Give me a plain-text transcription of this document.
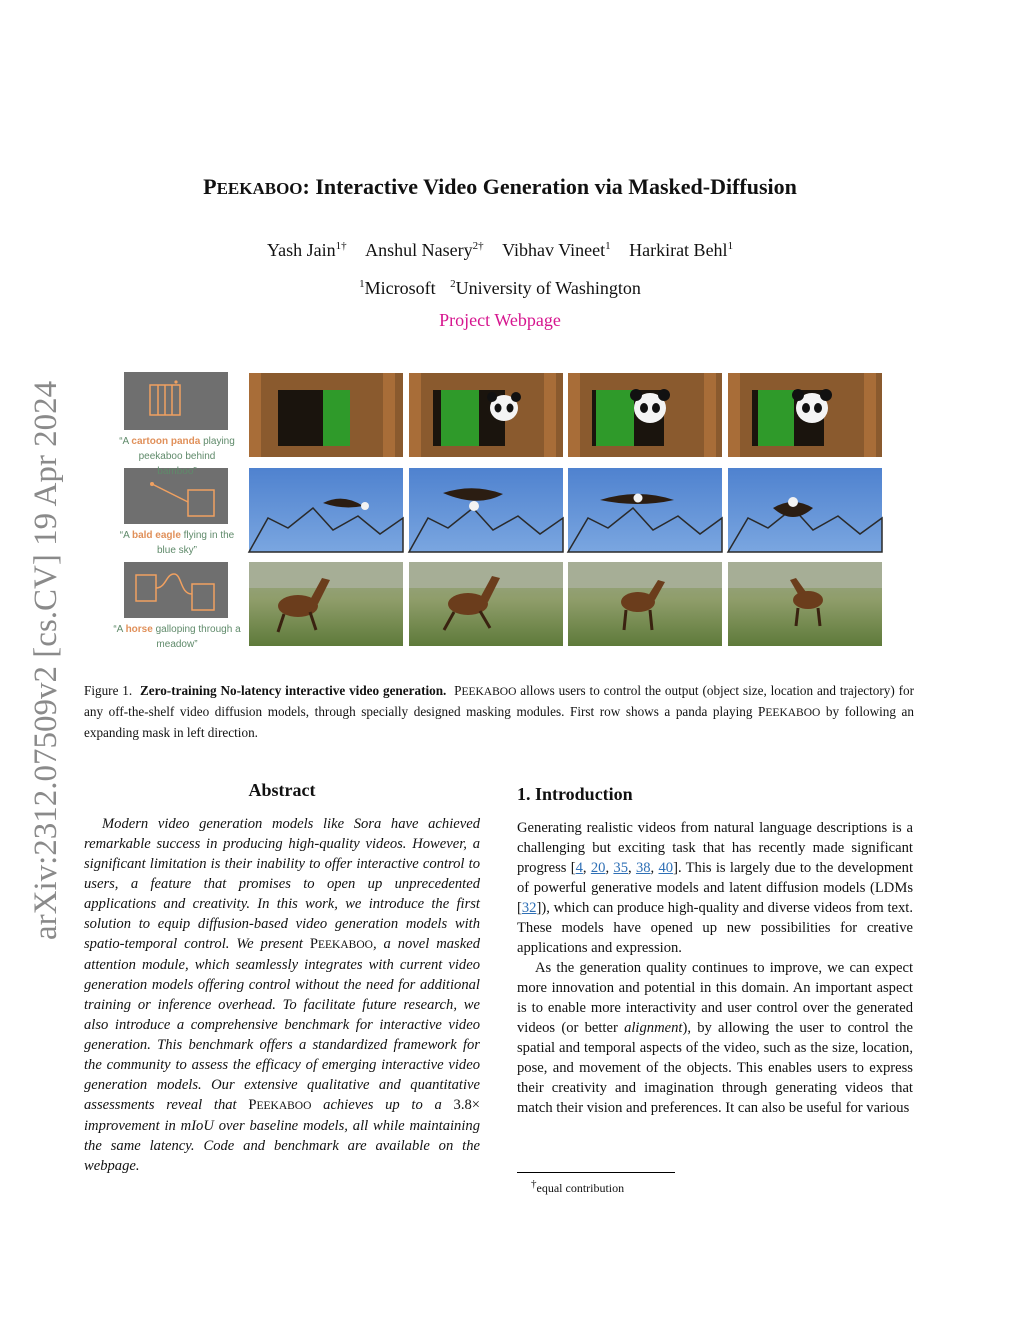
arXiv:2312.07509v2 [cs.CV] 19 Apr 2024
PEEKABOO: Interactive Video Generation via Masked-Diffusion
Yash Jain$^{1\dagger}$ Anshul Nasery$^{2\dagger}$ Vibhav Vineet$^1$ Harkirat Behl$^1$
$^1$Microsoft $^2$University of Washington
Project Webpage
“A cartoon panda playing
peekaboo behind bamboo”
“A bald eagle flying in the
blue sky”
“A horse galloping through a
meadow”
Figure 1. Zero-training No-latency interactive video generation. PEEKABOO allows users to control the output (object size, location and trajectory) for any off-the-shelf video diffusion models, through specially designed masking modules. First row shows a panda playing PEEKABOO by following an expanding mask in left direction.
Abstract
Modern video generation models like Sora have achieved remarkable success in producing high-quality videos. However, a significant limitation is their inability to offer interactive control to users, a feature that promises to open up unprecedented applications and creativity. In this work, we introduce the first solution to equip diffusion-based video generation models with spatio-temporal control. We present PEEKABOO, a novel masked attention module, which seamlessly integrates with current video generation models offering control without the need for additional training or inference overhead. To facilitate future research, we also introduce a comprehensive benchmark for interactive video generation. This benchmark offers a standardized framework for the community to assess the efficacy of emerging interactive video generation models. Our extensive qualitative and quantitative assessments reveal that PEEKABOO achieves up to a 3.8× improvement in mIoU over baseline models, all while maintaining the same latency. Code and benchmark are available on the webpage.
1. Introduction

Generating realistic videos from natural language descriptions is a challenging but exciting task that has recently made significant progress [4, 20, 35, 38, 40]. This is largely due to the development of powerful generative models and latent diffusion models (LDMs [32]), which can produce high-quality and diverse videos from text. These models have opened up new possibilities for creative applications and expression.

As the generation quality continues to improve, we can expect more innovation and potential in this domain. An important aspect is to enable more interactivity and user control over the generated videos (or better alignment), by allowing the user to control the spatial and temporal aspects of the video, such as the size, location, pose, and movement of the objects. This enables users to express their creativity and imagination through generating videos that match their vision and preferences. It can also be useful for various

†equal contribution
